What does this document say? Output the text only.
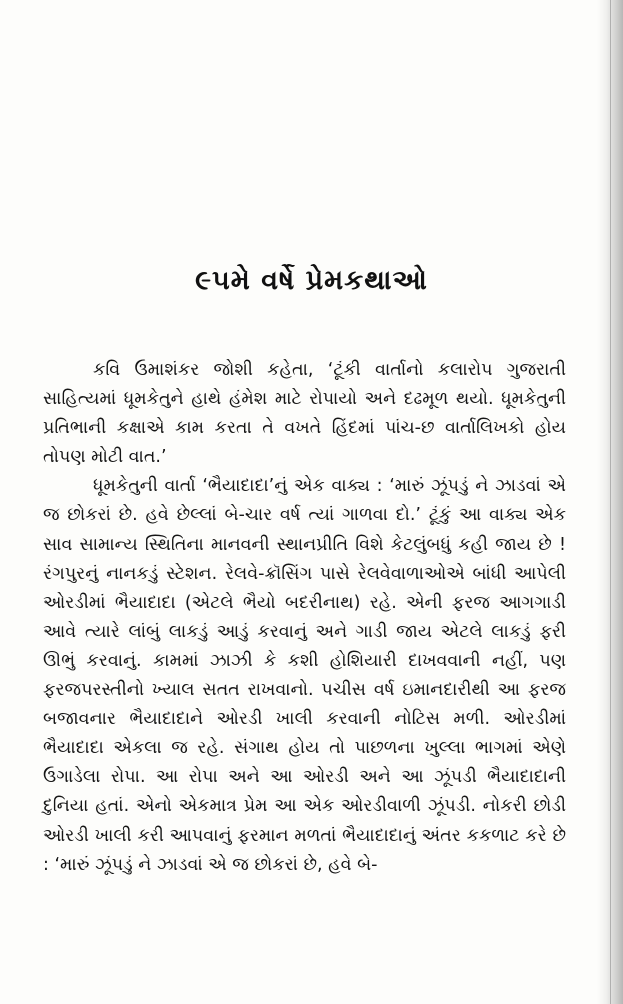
૯૫મે વર્ષે પ્રેમકથાઓ

કવિ ઉમાશંકર જોશી કહેતા, ‘ટૂંકી વાર્તાનો કલારોપ ગુજરાતી સાહિત્યમાં ધૂમકેતુને હાથે હંમેશ માટે રોપાયો અને દઢમૂળ થયો. ધૂમકેતુની પ્રતિભાની કક્ષાએ કામ કરતા તે વખતે હિંદમાં પાંચ-છ વાર્તાલિખકો હોય તોપણ મોટી વાત.’

ધૂમકેતુની વાર્તા ‘ભૈયાદાદા’નું એક વાક્ય : ‘મારું ઝૂંપડું ને ઝાડવાં એ જ છોકરાં છે. હવે છેલ્લાં બે-ચાર વર્ષ ત્યાં ગાળવા દો.’ ટૂંકું આ વાક્ય એક સાવ સામાન્ય સ્થિતિના માનવની સ્થાનપ્રીતિ વિશે કેટલુંબધું કહી જાય છે ! રંગપુરનું નાનકડું સ્ટેશન. રેલવે-ક્રૉસિંગ પાસે રેલવેવાળાઓએ બાંધી આપેલી ઓરડીમાં ભૈયાદાદા (એટલે ભૈયો બદરીનાથ) રહે. એની ફરજ આગગાડી આવે ત્યારે લાંબું લાકડું આડું કરવાનું અને ગાડી જાય એટલે લાકડું ફરી ઊભું કરવાનું. કામમાં ઝાઝી કે કશી હોશિયારી દાખવવાની નહીં, પણ ફરજપરસ્તીનો ખ્યાલ સતત રાખવાનો. પચીસ વર્ષ ઇમાનદારીથી આ ફરજ બજાવનાર ભૈયાદાદાને ઓરડી ખાલી કરવાની નોટિસ મળી. ઓરડીમાં ભૈયાદાદા એકલા જ રહે. સંગાથ હોય તો પાછળના ખુલ્લા ભાગમાં એણે ઉગાડેલા રોપા. આ રોપા અને આ ઓરડી અને આ ઝૂંપડી ભૈયાદાદાની દુનિયા હતાં. એનો એકમાત્ર પ્રેમ આ એક ઓરડીવાળી ઝૂંપડી. નોકરી છોડી ઓરડી ખાલી કરી આપવાનું ફરમાન મળતાં ભૈયાદાદાનું અંતર કકળાટ કરે છે : ‘મારું ઝૂંપડું ને ઝાડવાં એ જ છોકરાં છે, હવે બે-
